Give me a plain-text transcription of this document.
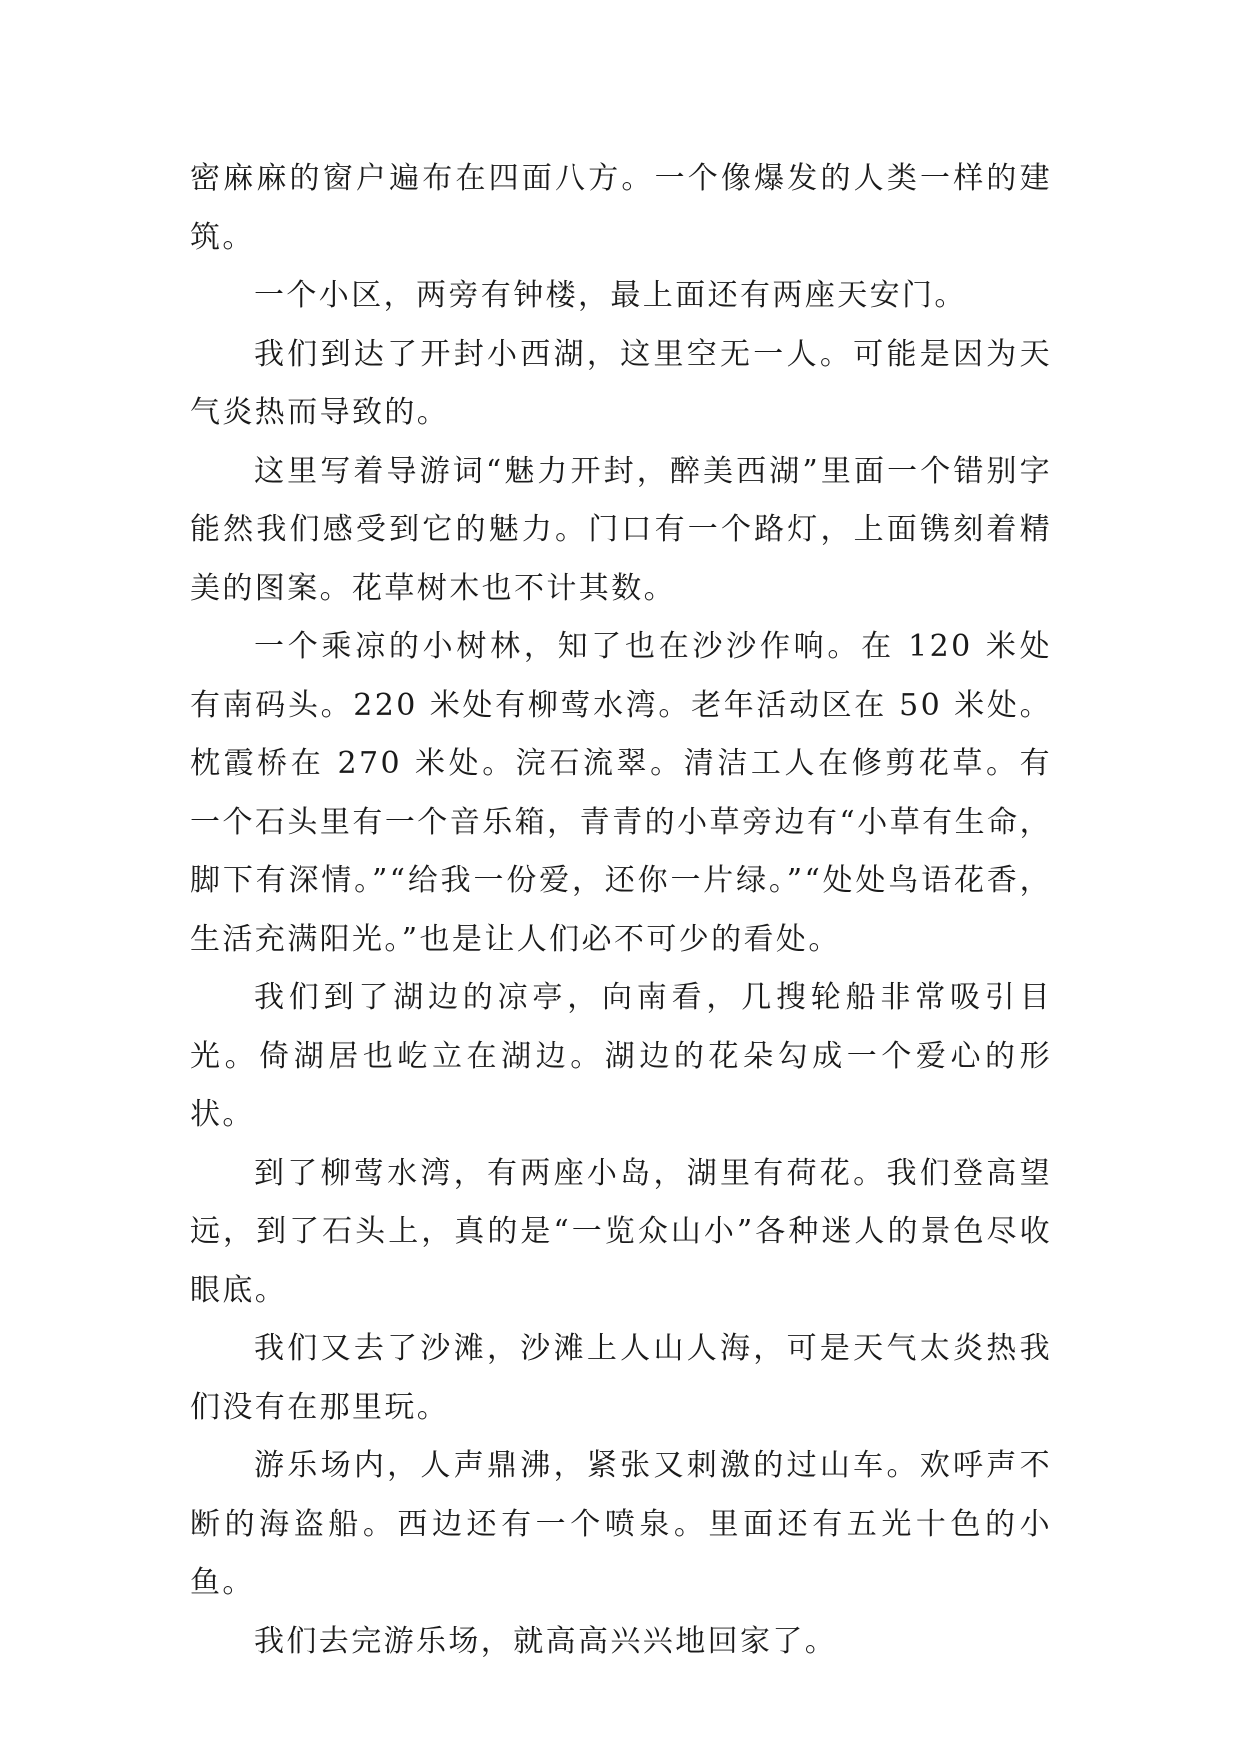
密麻麻的窗户遍布在四面八方。一个像爆发的人类一样的建筑。

一个小区，两旁有钟楼，最上面还有两座天安门。

我们到达了开封小西湖，这里空无一人。可能是因为天气炎热而导致的。

这里写着导游词“魅力开封，醉美西湖”里面一个错别字能然我们感受到它的魅力。门口有一个路灯，上面镌刻着精美的图案。花草树木也不计其数。

一个乘凉的小树林，知了也在沙沙作响。在 120 米处有南码头。220 米处有柳莺水湾。老年活动区在 50 米处。枕霞桥在 270 米处。浣石流翠。清洁工人在修剪花草。有一个石头里有一个音乐箱，青青的小草旁边有“小草有生命，脚下有深情。”“给我一份爱，还你一片绿。”“处处鸟语花香，生活充满阳光。”也是让人们必不可少的看处。

我们到了湖边的凉亭，向南看，几搜轮船非常吸引目光。倚湖居也屹立在湖边。湖边的花朵勾成一个爱心的形状。

到了柳莺水湾，有两座小岛，湖里有荷花。我们登高望远，到了石头上，真的是“一览众山小”各种迷人的景色尽收眼底。

我们又去了沙滩，沙滩上人山人海，可是天气太炎热我们没有在那里玩。

游乐场内，人声鼎沸，紧张又刺激的过山车。欢呼声不断的海盗船。西边还有一个喷泉。里面还有五光十色的小鱼。

我们去完游乐场，就高高兴兴地回家了。
